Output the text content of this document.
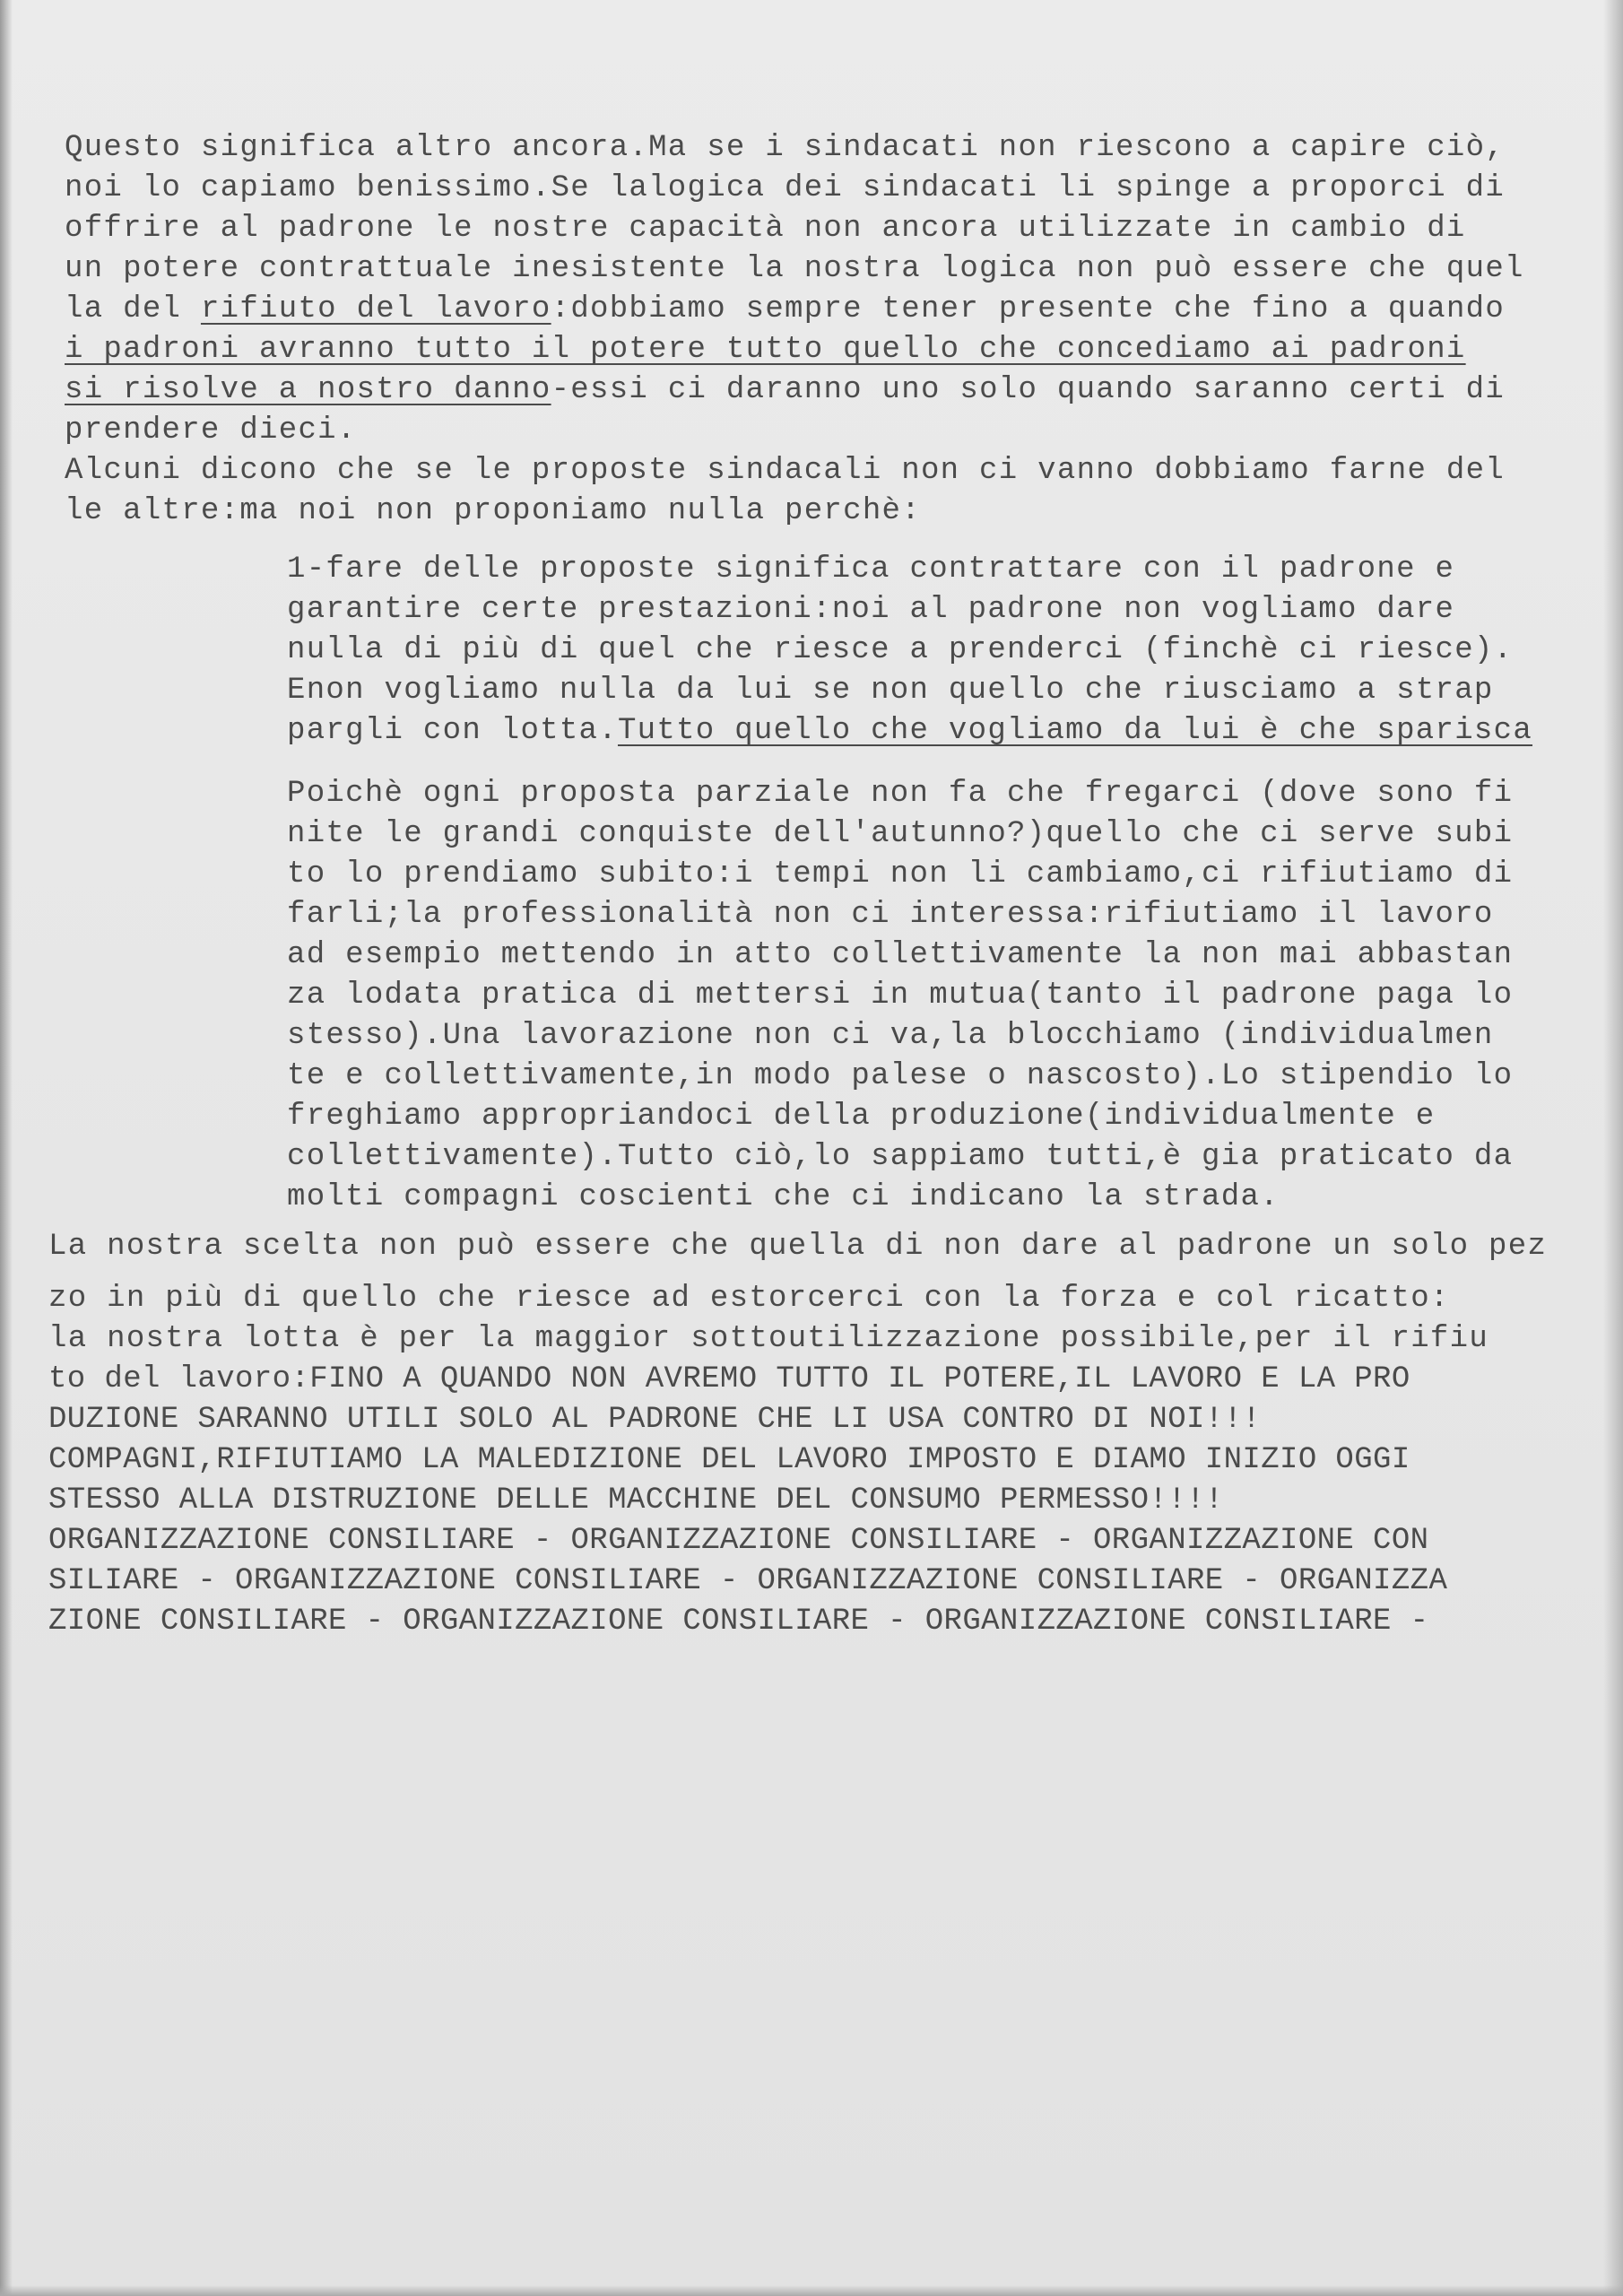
Questo significa altro ancora.Ma se i sindacati non riescono a capire ciò,
noi lo capiamo benissimo.Se lalogica dei sindacati li spinge a proporci di
offrire al padrone le nostre capacità non ancora utilizzate in cambio di
un potere contrattuale inesistente la nostra logica non può essere che quel
la del rifiuto del lavoro:dobbiamo sempre tener presente che fino a quando
i padroni avranno tutto il potere tutto quello che concediamo ai padroni
si risolve a nostro danno-essi ci daranno uno solo quando saranno certi di
prendere dieci.
Alcuni dicono che se le proposte sindacali non ci vanno dobbiamo farne del
le altre:ma noi non proponiamo nulla perchè:
1-fare delle proposte significa contrattare con il padrone e
garantire certe prestazioni:noi al padrone non vogliamo dare
nulla di più di quel che riesce a prenderci (finchè ci riesce).
Enon vogliamo nulla da lui se non quello che riusciamo a strap
pargli con lotta.Tutto quello che vogliamo da lui è che sparisca
Poichè ogni proposta parziale non fa che fregarci (dove sono fi
nite le grandi conquiste dell'autunno?)quello che ci serve subi
to lo prendiamo subito:i tempi non li cambiamo,ci rifiutiamo di
farli;la professionalità non ci interessa:rifiutiamo il lavoro
ad esempio mettendo in atto collettivamente la non mai abbastan
za lodata pratica di mettersi in mutua(tanto il padrone paga lo
stesso).Una lavorazione non ci va,la blocchiamo (individualmen
te e collettivamente,in modo palese o nascosto).Lo stipendio lo
freghiamo appropriandoci della produzione(individualmente e
collettivamente).Tutto ciò,lo sappiamo tutti,è gia praticato da
molti compagni coscienti che ci indicano la strada.
La nostra scelta non può essere che quella di non dare al padrone un solo pez
zo in più di quello che riesce ad estorcerci con la forza e col ricatto:
la nostra lotta è per la maggior sottoutilizzazione possibile,per il rifiu
to del lavoro:FINO A QUANDO NON AVREMO TUTTO IL POTERE,IL LAVORO E LA PRO
DUZIONE SARANNO UTILI SOLO AL PADRONE CHE LI USA CONTRO DI NOI!!!
COMPAGNI,RIFIUTIAMO LA MALEDIZIONE DEL LAVORO IMPOSTO E DIAMO INIZIO OGGI
STESSO ALLA DISTRUZIONE DELLE MACCHINE DEL CONSUMO PERMESSO!!!!
ORGANIZZAZIONE CONSILIARE - ORGANIZZAZIONE CONSILIARE - ORGANIZZAZIONE CON
SILIARE - ORGANIZZAZIONE CONSILIARE - ORGANIZZAZIONE CONSILIARE - ORGANIZZA
ZIONE CONSILIARE - ORGANIZZAZIONE CONSILIARE - ORGANIZZAZIONE CONSILIARE -
